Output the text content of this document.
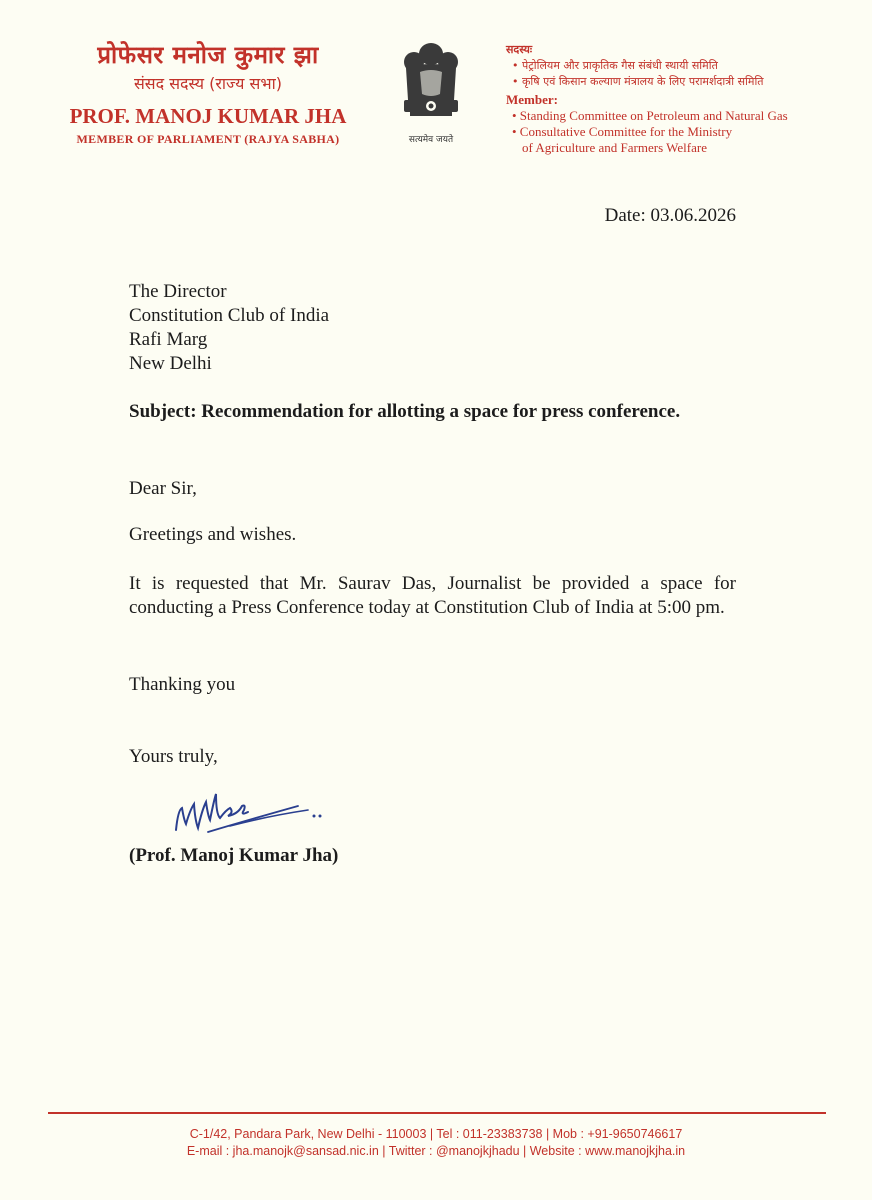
प्रोफेसर मनोज कुमार झा
संसद सदस्य (राज्य सभा)
PROF. MANOJ KUMAR JHA
MEMBER OF PARLIAMENT (RAJYA SABHA)	सत्यमेव जयते
सदस्यः
• पेट्रोलियम और प्राकृतिक गैस संबंधी स्थायी समिति
• कृषि एवं किसान कल्याण मंत्रालय के लिए परामर्शदात्री समिति
Member:
• Standing Committee on Petroleum and Natural Gas
• Consultative Committee for the Ministry
of Agriculture and Farmers Welfare
Date: 03.06.2026
The Director
Constitution Club of India
Rafi Marg
New Delhi
Subject: Recommendation for allotting a space for press conference.
Dear Sir,
Greetings and wishes.
It is requested that Mr. Saurav Das, Journalist be provided a space for conducting a Press Conference today at Constitution Club of India at 5:00 pm.
Thanking you
Yours truly,
(Prof. Manoj Kumar Jha)
C-1/42, Pandara Park, New Delhi - 110003 | Tel : 011-23383738 | Mob : +91-9650746617
E-mail : jha.manojk@sansad.nic.in | Twitter : @manojkjhadu | Website : www.manojkjha.in
